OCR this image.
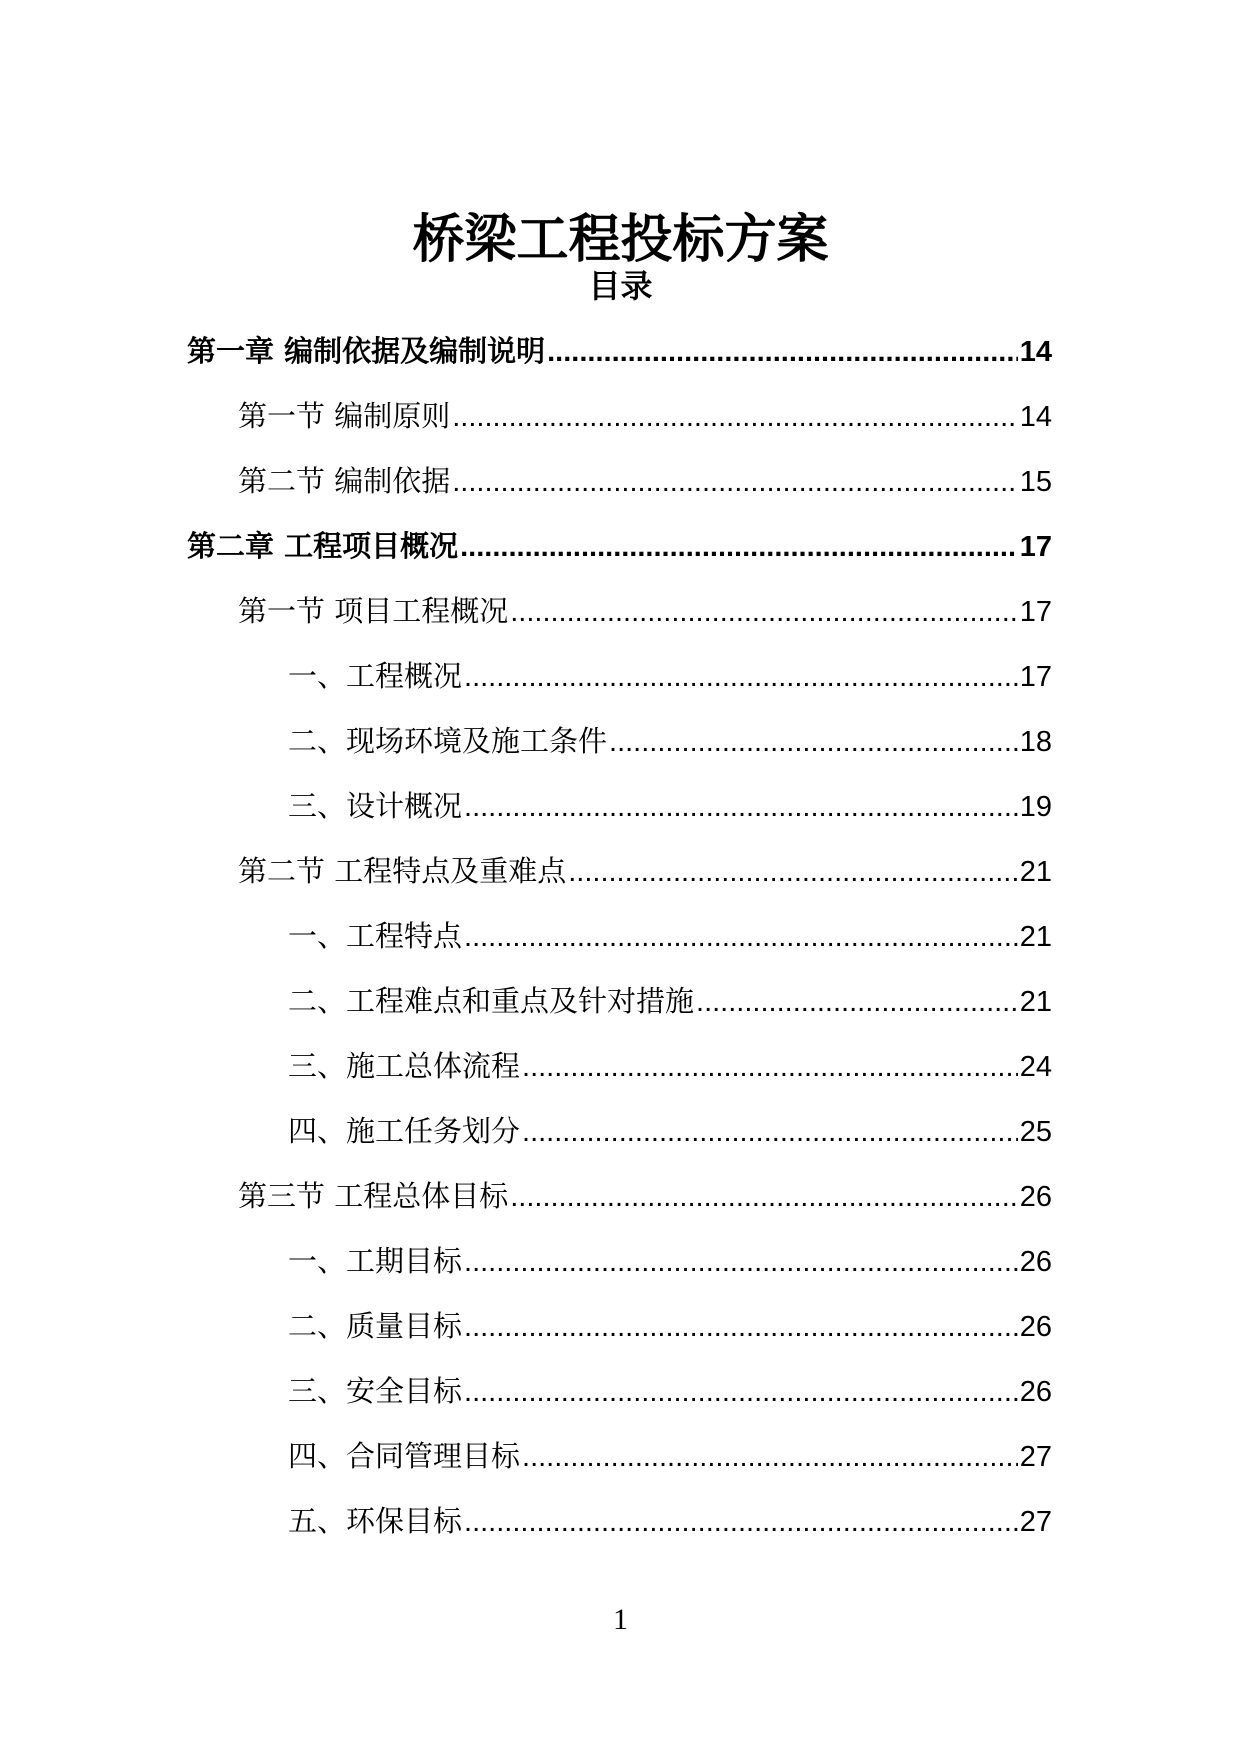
桥梁工程投标方案
目录
第一章 编制依据及编制说明 .....	14
第一节 编制原则 .....	14
第二节 编制依据 .....	15
第二章 工程项目概况 .....	17
第一节 项目工程概况 .....	17
一、工程概况 .....	17
二、现场环境及施工条件 .....	18
三、设计概况 .....	19
第二节 工程特点及重难点 .....	21
一、工程特点 .....	21
二、工程难点和重点及针对措施 .....	21
三、施工总体流程 .....	24
四、施工任务划分 .....	25
第三节 工程总体目标 .....	26
一、工期目标 .....	26
二、质量目标 .....	26
三、安全目标 .....	26
四、合同管理目标 .....	27
五、环保目标 .....	27
1
